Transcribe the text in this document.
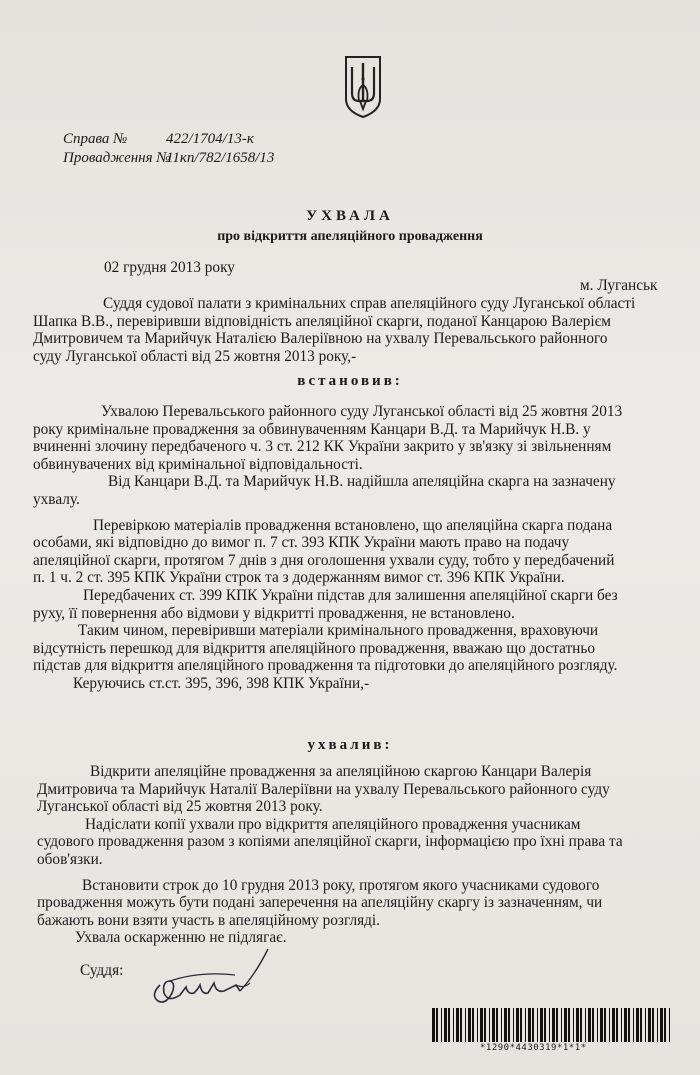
Справа №	422/1704/13-к
Провадження №11кп/782/1658/13
УХВАЛА
про відкриття апеляційного провадження
02 грудня 2013 року
м. Луганськ
Суддя судової палати з кримінальних справ апеляційного суду Луганської області
Шапка В.В., перевіривши відповідність апеляційної скарги, поданої Канцарою Валерієм
Дмитровичем та Марийчук Наталією Валеріївною на ухвалу Перевальського районного
суду Луганської області від 25 жовтня 2013 року,-
встановив:
Ухвалою Перевальського районного суду Луганської області від 25 жовтня 2013
року кримінальне провадження за обвинуваченням Канцари В.Д. та Марийчук Н.В. у
вчиненні злочину передбаченого ч. 3 ст. 212 КК України закрито у зв'язку зі звільненням
обвинувачених від кримінальної відповідальності.
Від Канцари В.Д. та Марийчук Н.В. надійшла апеляційна скарга на зазначену
ухвалу.
Перевіркою матеріалів провадження встановлено, що апеляційна скарга подана
особами, які відповідно до вимог п. 7 ст. 393 КПК України мають право на подачу
апеляційної скарги, протягом 7 днів з дня оголошення ухвали суду, тобто у передбачений
п. 1 ч. 2 ст. 395 КПК України строк та з додержанням вимог ст. 396 КПК України.
Передбачених ст. 399 КПК України підстав для залишення апеляційної скарги без
руху, її повернення або відмови у відкритті провадження, не встановлено.
Таким чином, перевіривши матеріали кримінального провадження, враховуючи
відсутність перешкод для відкриття апеляційного провадження, вважаю що достатньо
підстав для відкриття апеляційного провадження та підготовки до апеляційного розгляду.
Керуючись ст.ст. 395, 396, 398 КПК України,-
ухвалив:
Відкрити апеляційне провадження за апеляційною скаргою Канцари Валерія
Дмитровича та Марийчук Наталії Валеріївни на ухвалу Перевальського районного суду
Луганської області від 25 жовтня 2013 року.
Надіслати копії ухвали про відкриття апеляційного провадження учасникам
судового провадження разом з копіями апеляційної скарги, інформацією про їхні права та
обов'язки.
Встановити строк до 10 грудня 2013 року, протягом якого учасниками судового
провадження можуть бути подані заперечення на апеляційну скаргу із зазначенням, чи
бажають вони взяти участь в апеляційному розгляді.
Ухвала оскарженню не підлягає.
Суддя:
*1290*4430319*1*1*
